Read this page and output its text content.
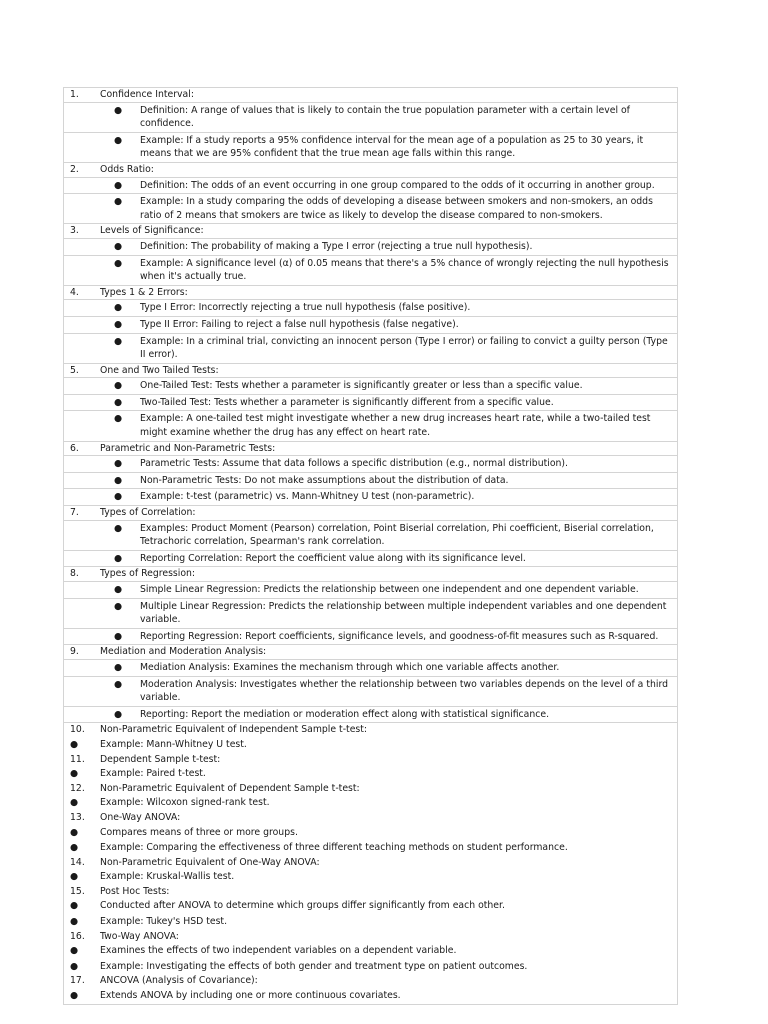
1.	Confidence Interval:
●	Definition: A range of values that is likely to contain the true population parameter with a certain level of confidence.
●	Example: If a study reports a 95% confidence interval for the mean age of a population as 25 to 30 years, it means that we are 95% confident that the true mean age falls within this range.
2.	Odds Ratio:
●	Definition: The odds of an event occurring in one group compared to the odds of it occurring in another group.
●	Example: In a study comparing the odds of developing a disease between smokers and non-smokers, an odds ratio of 2 means that smokers are twice as likely to develop the disease compared to non-smokers.
3.	Levels of Significance:
●	Definition: The probability of making a Type I error (rejecting a true null hypothesis).
●	Example: A significance level (α) of 0.05 means that there's a 5% chance of wrongly rejecting the null hypothesis when it's actually true.
4.	Types 1 & 2 Errors:
●	Type I Error: Incorrectly rejecting a true null hypothesis (false positive).
●	Type II Error: Failing to reject a false null hypothesis (false negative).
●	Example: In a criminal trial, convicting an innocent person (Type I error) or failing to convict a guilty person (Type II error).
5.	One and Two Tailed Tests:
●	One-Tailed Test: Tests whether a parameter is significantly greater or less than a specific value.
●	Two-Tailed Test: Tests whether a parameter is significantly different from a specific value.
●	Example: A one-tailed test might investigate whether a new drug increases heart rate, while a two-tailed test might examine whether the drug has any effect on heart rate.
6.	Parametric and Non-Parametric Tests:
●	Parametric Tests: Assume that data follows a specific distribution (e.g., normal distribution).
●	Non-Parametric Tests: Do not make assumptions about the distribution of data.
●	Example: t-test (parametric) vs. Mann-Whitney U test (non-parametric).
7.	Types of Correlation:
●	Examples: Product Moment (Pearson) correlation, Point Biserial correlation, Phi coefficient, Biserial correlation, Tetrachoric correlation, Spearman's rank correlation.
●	Reporting Correlation: Report the coefficient value along with its significance level.
8.	Types of Regression:
●	Simple Linear Regression: Predicts the relationship between one independent and one dependent variable.
●	Multiple Linear Regression: Predicts the relationship between multiple independent variables and one dependent variable.
●	Reporting Regression: Report coefficients, significance levels, and goodness-of-fit measures such as R-squared.
9.	Mediation and Moderation Analysis:
●	Mediation Analysis: Examines the mechanism through which one variable affects another.
●	Moderation Analysis: Investigates whether the relationship between two variables depends on the level of a third variable.
●	Reporting: Report the mediation or moderation effect along with statistical significance.
10.	Non-Parametric Equivalent of Independent Sample t-test:
●	Example: Mann-Whitney U test.
11.	Dependent Sample t-test:
●	Example: Paired t-test.
12.	Non-Parametric Equivalent of Dependent Sample t-test:
●	Example: Wilcoxon signed-rank test.
13.	One-Way ANOVA:
●	Compares means of three or more groups.
●	Example: Comparing the effectiveness of three different teaching methods on student performance.
14.	Non-Parametric Equivalent of One-Way ANOVA:
●	Example: Kruskal-Wallis test.
15.	Post Hoc Tests:
●	Conducted after ANOVA to determine which groups differ significantly from each other.
●	Example: Tukey's HSD test.
16.	Two-Way ANOVA:
●	Examines the effects of two independent variables on a dependent variable.
●	Example: Investigating the effects of both gender and treatment type on patient outcomes.
17.	ANCOVA (Analysis of Covariance):
●	Extends ANOVA by including one or more continuous covariates.
